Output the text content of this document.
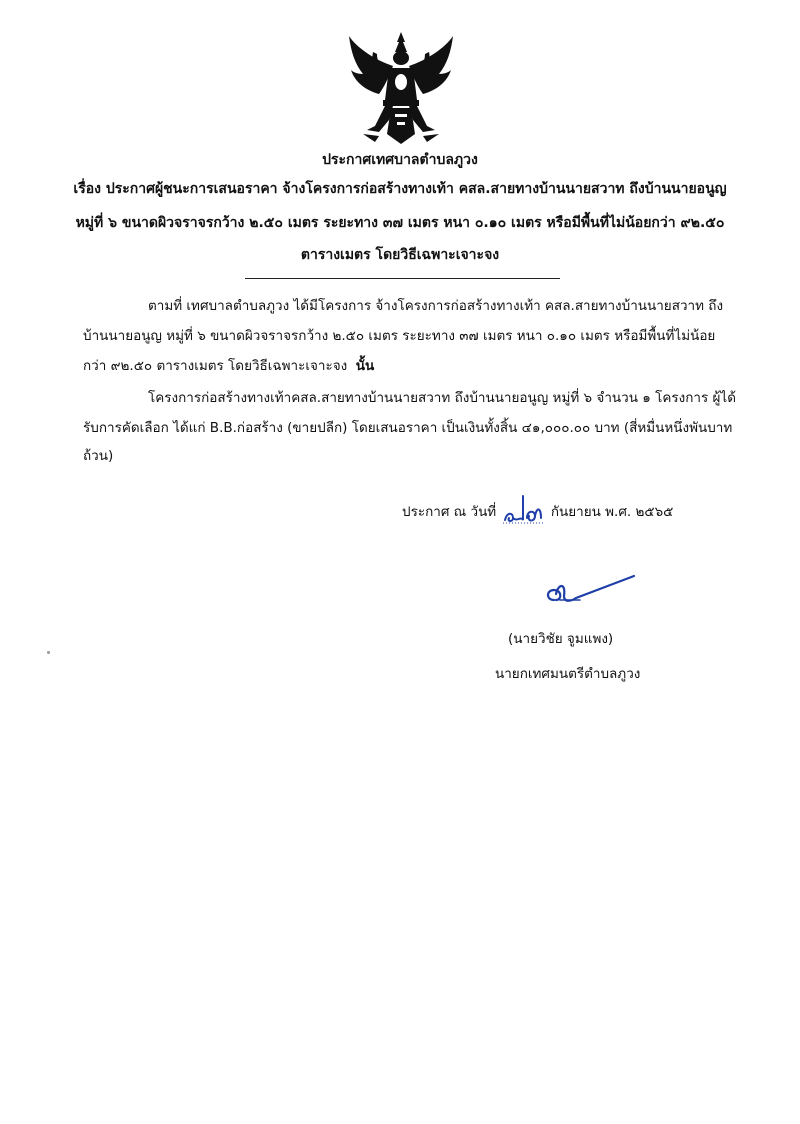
ประกาศเทศบาลตำบลภูวง
เรื่อง ประกาศผู้ชนะการเสนอราคา จ้างโครงการก่อสร้างทางเท้า คสล.สายทางบ้านนายสวาท ถึงบ้านนายอนูญ
หมู่ที่ ๖ ขนาดผิวจราจรกว้าง ๒.๕๐ เมตร ระยะทาง ๓๗ เมตร หนา ๐.๑๐ เมตร หรือมีพื้นที่ไม่น้อยกว่า ๙๒.๕๐
ตารางเมตร โดยวิธีเฉพาะเจาะจง
ตามที่ เทศบาลตำบลภูวง ได้มีโครงการ จ้างโครงการก่อสร้างทางเท้า คสล.สายทางบ้านนายสวาท ถึง
บ้านนายอนูญ หมู่ที่ ๖ ขนาดผิวจราจรกว้าง ๒.๕๐ เมตร ระยะทาง ๓๗ เมตร หนา ๐.๑๐ เมตร หรือมีพื้นที่ไม่น้อย
กว่า ๙๒.๕๐ ตารางเมตร โดยวิธีเฉพาะเจาะจง นั้น
โครงการก่อสร้างทางเท้าคสล.สายทางบ้านนายสวาท ถึงบ้านนายอนูญ หมู่ที่ ๖ จำนวน ๑ โครงการ ผู้ได้
รับการคัดเลือก ได้แก่ B.B.ก่อสร้าง (ขายปลีก) โดยเสนอราคา เป็นเงินทั้งสิ้น ๔๑,๐๐๐.๐๐ บาท (สี่หมื่นหนึ่งพันบาท
ถ้วน)
ประกาศ ณ วันที่	กันยายน พ.ศ. ๒๕๖๕
(นายวิชัย จูมแพง)
นายกเทศมนตรีตำบลภูวง
